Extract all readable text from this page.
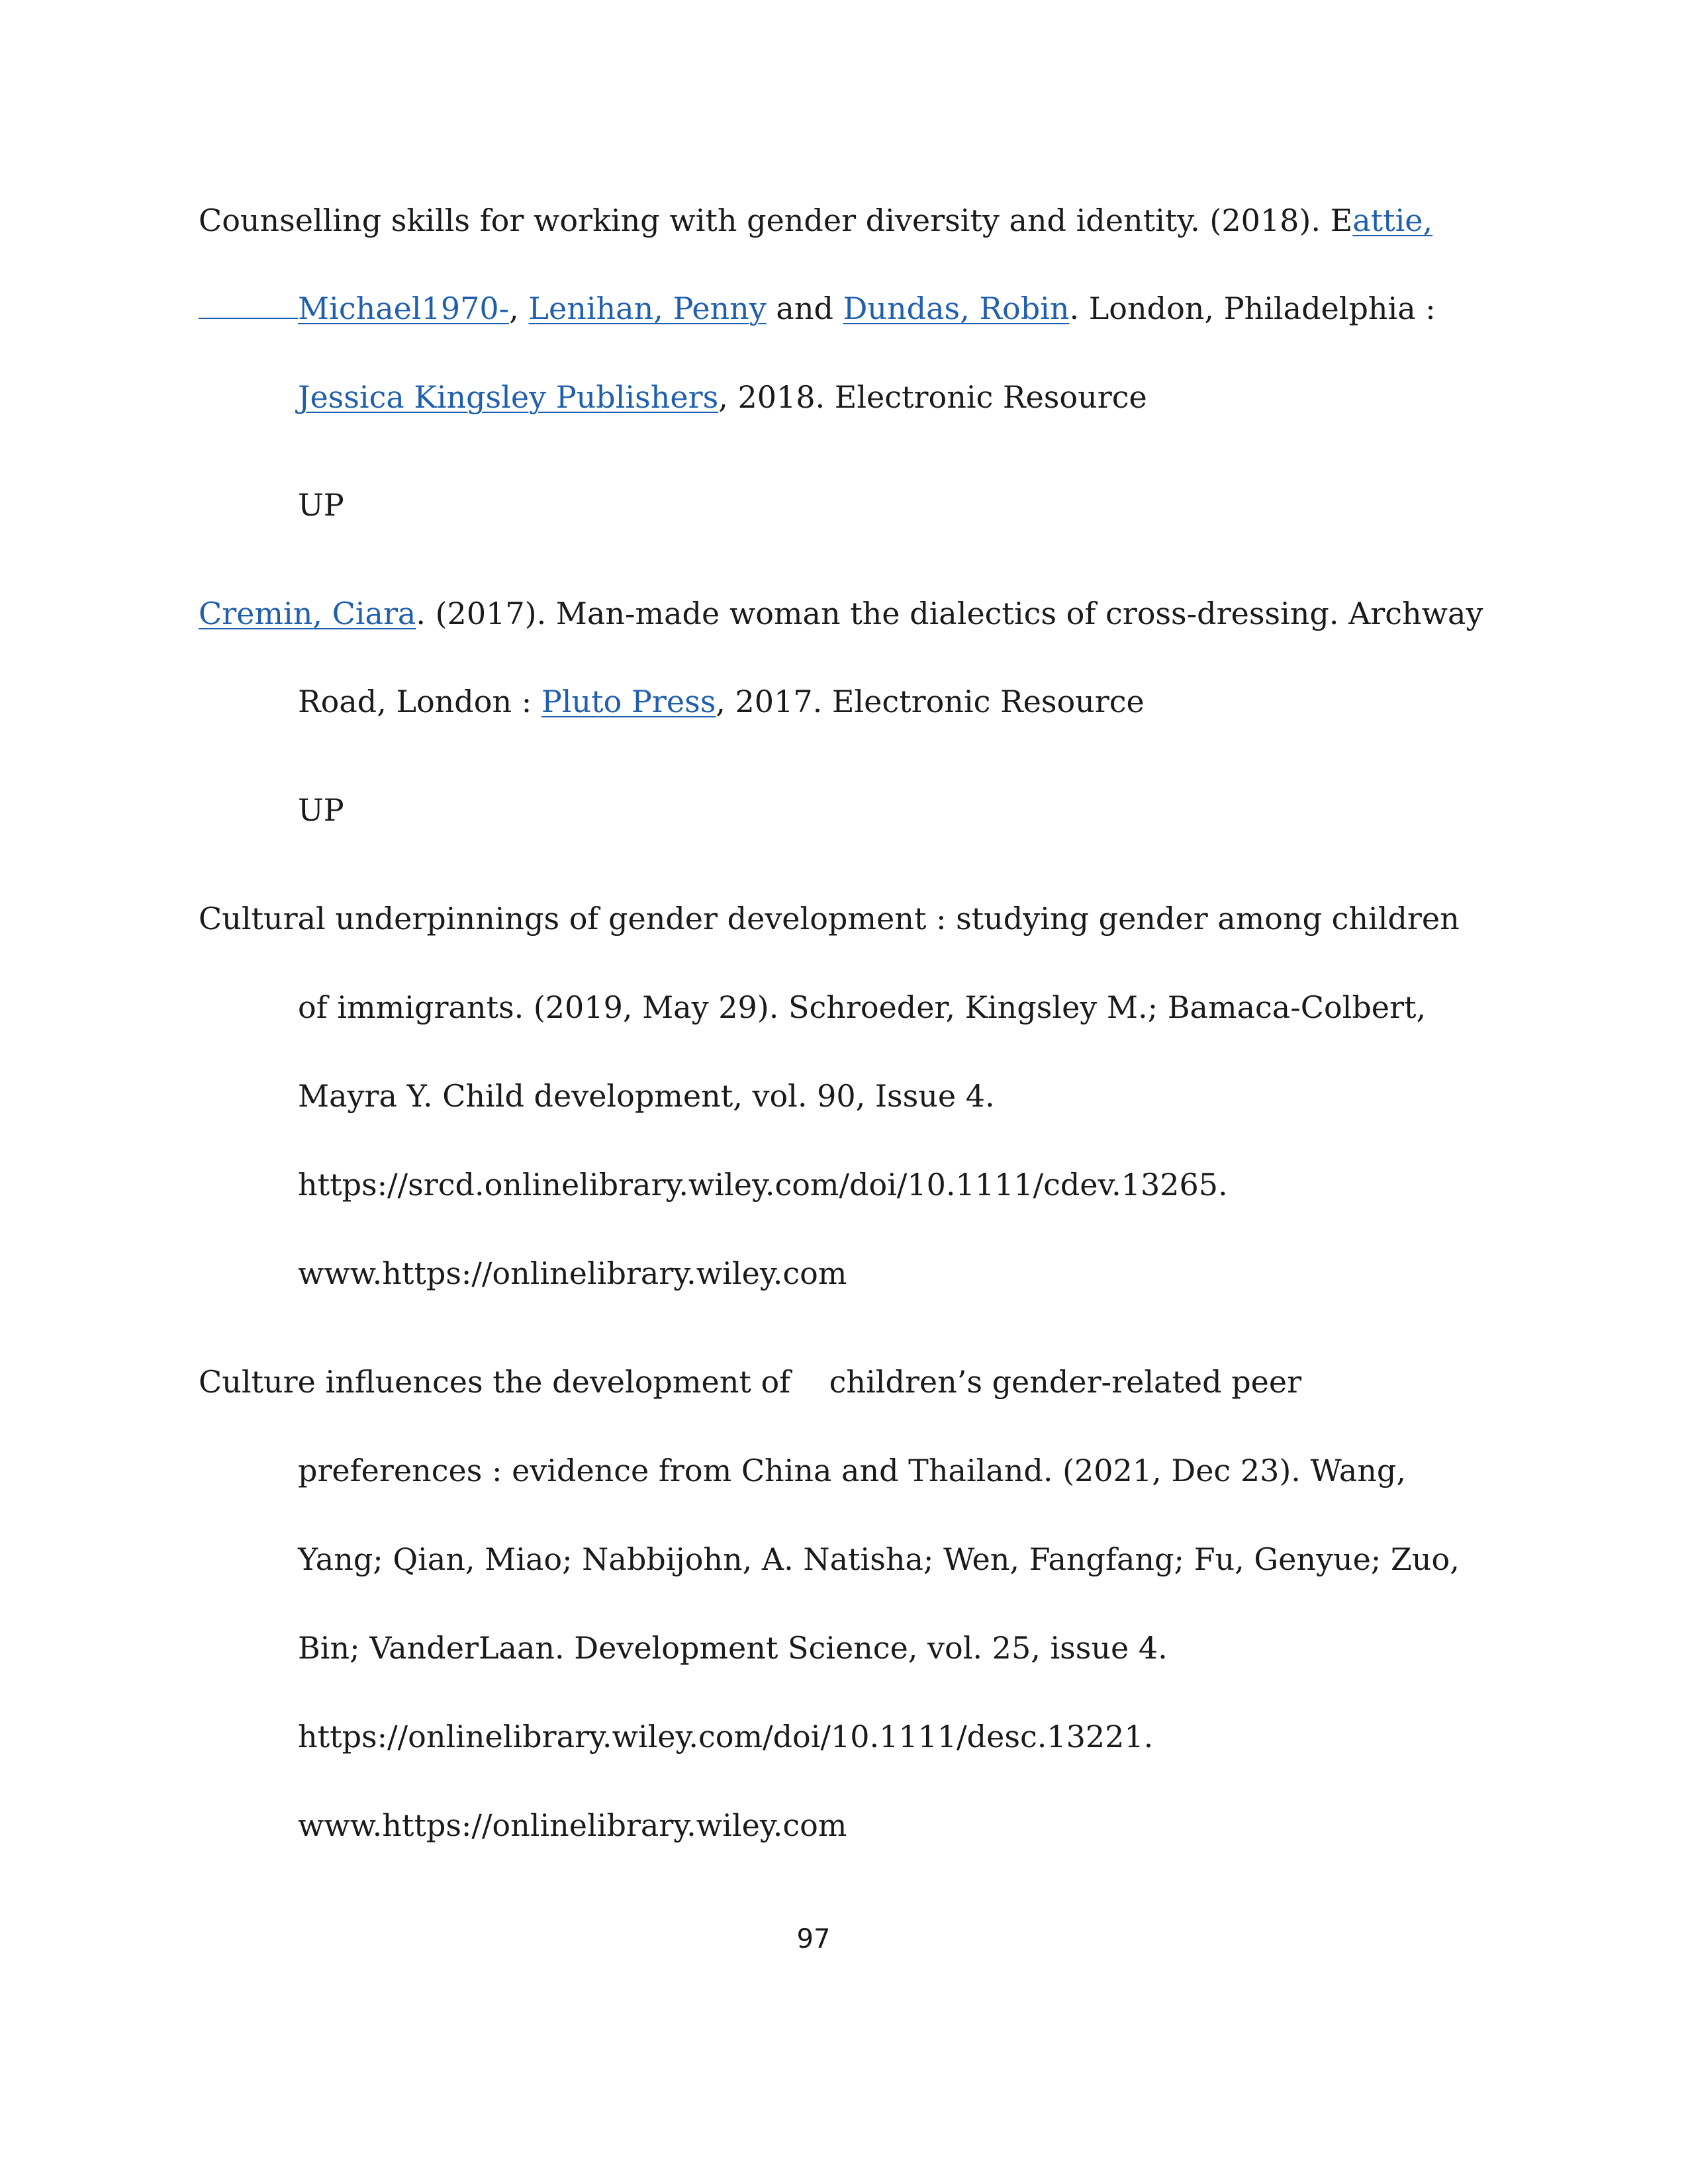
Counselling skills for working with gender diversity and identity. (2018). Eattie,
Michael1970-, Lenihan, Penny and Dundas, Robin. London, Philadelphia :
Jessica Kingsley Publishers, 2018. Electronic Resource
UP
Cremin, Ciara. (2017). Man-made woman the dialectics of cross-dressing. Archway
Road, London : Pluto Press, 2017. Electronic Resource
UP
Cultural underpinnings of gender development : studying gender among children
of immigrants. (2019, May 29). Schroeder, Kingsley M.; Bamaca-Colbert,
Mayra Y. Child development, vol. 90, Issue 4.
https://srcd.onlinelibrary.wiley.com/doi/10.1111/cdev.13265.
www.https://onlinelibrary.wiley.com
Culture influences the development of    children’s gender-related peer
preferences : evidence from China and Thailand. (2021, Dec 23). Wang,
Yang; Qian, Miao; Nabbijohn, A. Natisha; Wen, Fangfang; Fu, Genyue; Zuo,
Bin; VanderLaan. Development Science, vol. 25, issue 4.
https://onlinelibrary.wiley.com/doi/10.1111/desc.13221.
www.https://onlinelibrary.wiley.com
97
